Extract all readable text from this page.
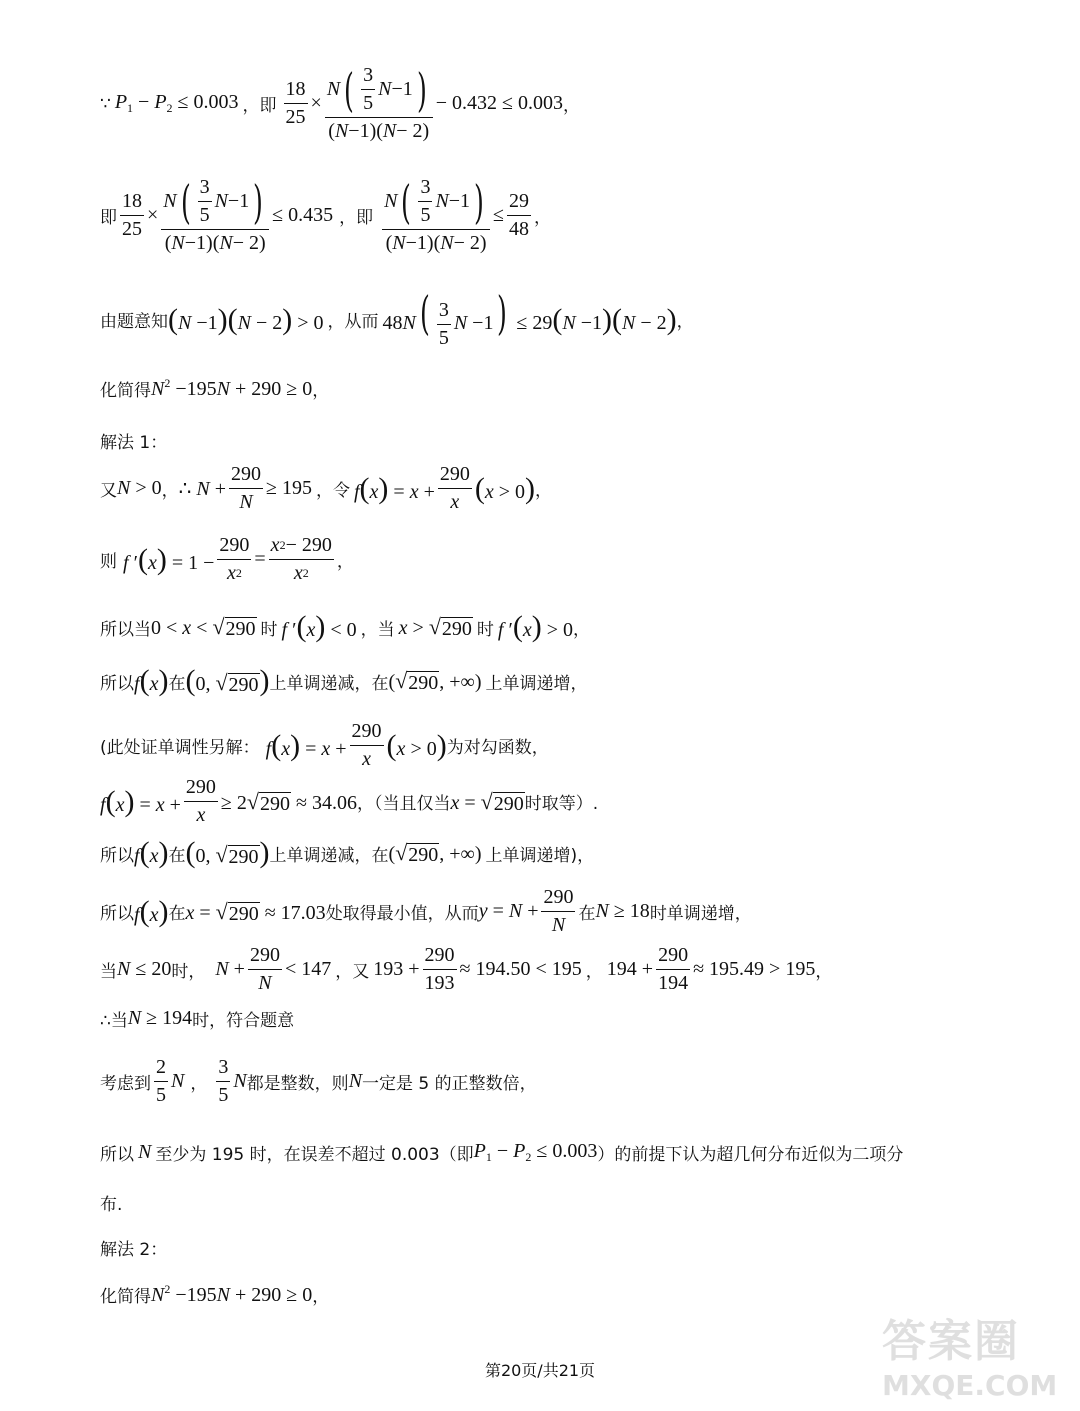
∵ $P_1 - P_2 \le 0.003$ ，即 $\frac{18}{25} \times \frac{N ( \frac{3}{5} N -1 )}{( N -1)( N - 2)} - 0.432 \le 0.003$ ，
即 $\frac{18}{25} \times \frac{N ( \frac{3}{5} N -1 )}{( N -1)( N - 2)} \le 0.435$ ，即 $\frac{N ( \frac{3}{5} N -1 )}{( N -1)( N - 2)} \le \frac{29}{48}$ ，
由题意知 (N −1)(N − 2) > 0 ，从而 $48N( \frac{3}{5}$ N −1) ≤ 29(N −1)(N − 2) ，
化简得 $N^2 -195N + 290 \ge 0$ ，
解法 1：
又 N > 0 ， ∴ $N + \frac{290}{N} \ge 195$ ，令 $f(x) = x + \frac{290}{x} (x > 0)$ ，
则 f $'(x) = 1 - \frac{290}{x 2} = \frac{x 2 - 290}{x 2}$ ，
所以当 0 < x < √ 290 时 f ′(x) < 0 ，当 x > √ 290 时 f ′(x) > 0 ，
所以 f(x) 在 (0, √ 290 ) 上单调递减，在 ( √ 290 , +∞) 上单调递增，
(此处证单调性另解： $f(x) = x + \frac{290}{x} (x > 0)$ 为对勾函数，
$f(x) = x + \frac{290}{x} \ge 2$ √ 290 ≈ 34.06 ，（当且仅当 x = √ 290 时取等）.
所以 f(x) 在 (0, √ 290 ) 上单调递减，在 ( √ 290 , +∞) 上单调递增)，
所以 f(x) 在 x = √ 290 ≈ 17.03 处取得最小值，从而 $y = N + \frac{290}{N}$ 在 N ≥ 18 时单调递增，
当 N ≤ 20 时， $N + \frac{290}{N} < 147$ ，又 $193 + \frac{290}{193} \approx 194.50 < 195$ ， $194 + \frac{290}{194} \approx 195.49 > 195$ ，
∴当 N ≥ 194 时，符合题意
考虑到 $\frac{2}{5}$ N ， $\frac{3}{5}$ N 都是整数，则 N 一定是 5 的正整数倍，
所以 N 至少为 195 时，在误差不超过 0.003（即 $P_1 - P_2 \le 0.003$ ）的前提下认为超几何分布近似为二项分
布.
解法 2：
化简得 $N^2 -195N + 290 \ge 0$ ，
第20页/共21页
答案圈
MXQE.COM
